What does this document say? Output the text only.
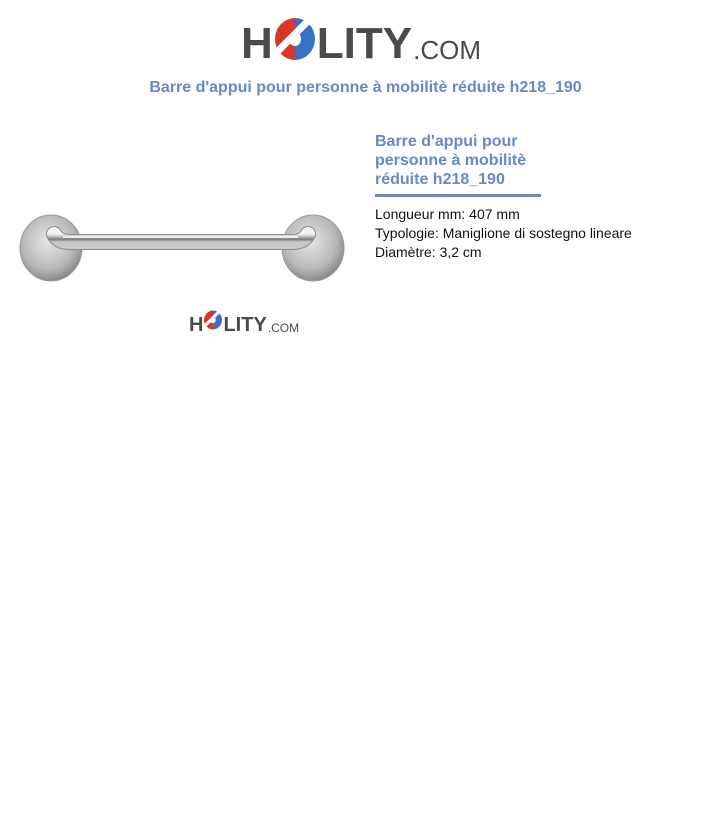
H LITY .COM
Barre d'appui pour personne à mobilitè réduite h218_190
H LITY .COM
Barre d'appui pour
personne à mobilitè
réduite h218_190
Longueur mm: 407 mm
Typologie: Maniglione di sostegno lineare
Diamètre: 3,2 cm
